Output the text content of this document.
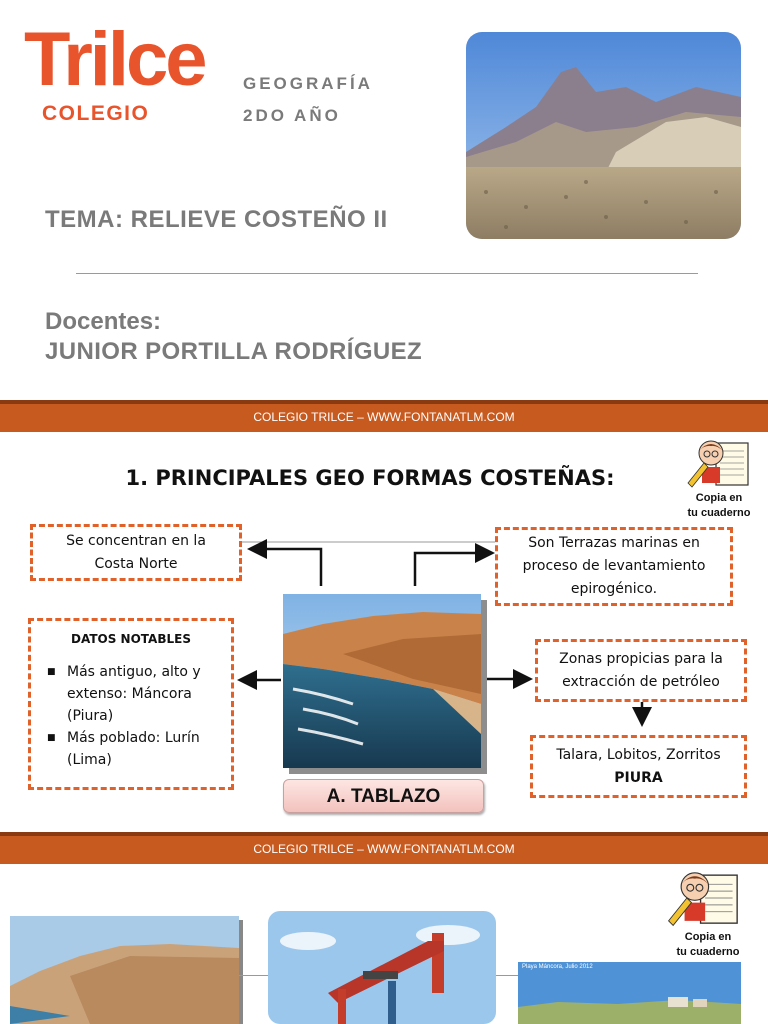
Trilce
COLEGIO
GEOGRAFÍA
2DO AÑO
TEMA: RELIEVE COSTEÑO II
Docentes:
JUNIOR PORTILLA RODRÍGUEZ
COLEGIO TRILCE – WWW.FONTANATLM.COM
1. PRINCIPALES GEO FORMAS COSTEÑAS:
Copia en
tu cuaderno
Se concentran en la
Costa Norte
Son Terrazas marinas en
proceso de levantamiento
epirogénico.
DATOS NOTABLES
■ Más antiguo, alto y extenso: Máncora (Piura)
■ Más poblado: Lurín (Lima)
A. TABLAZO
Zonas propicias para la
extracción de petróleo
Talara, Lobitos, Zorritos
PIURA
COLEGIO TRILCE – WWW.FONTANATLM.COM
Copia en
tu cuaderno
Playa Máncora, Julio 2012
